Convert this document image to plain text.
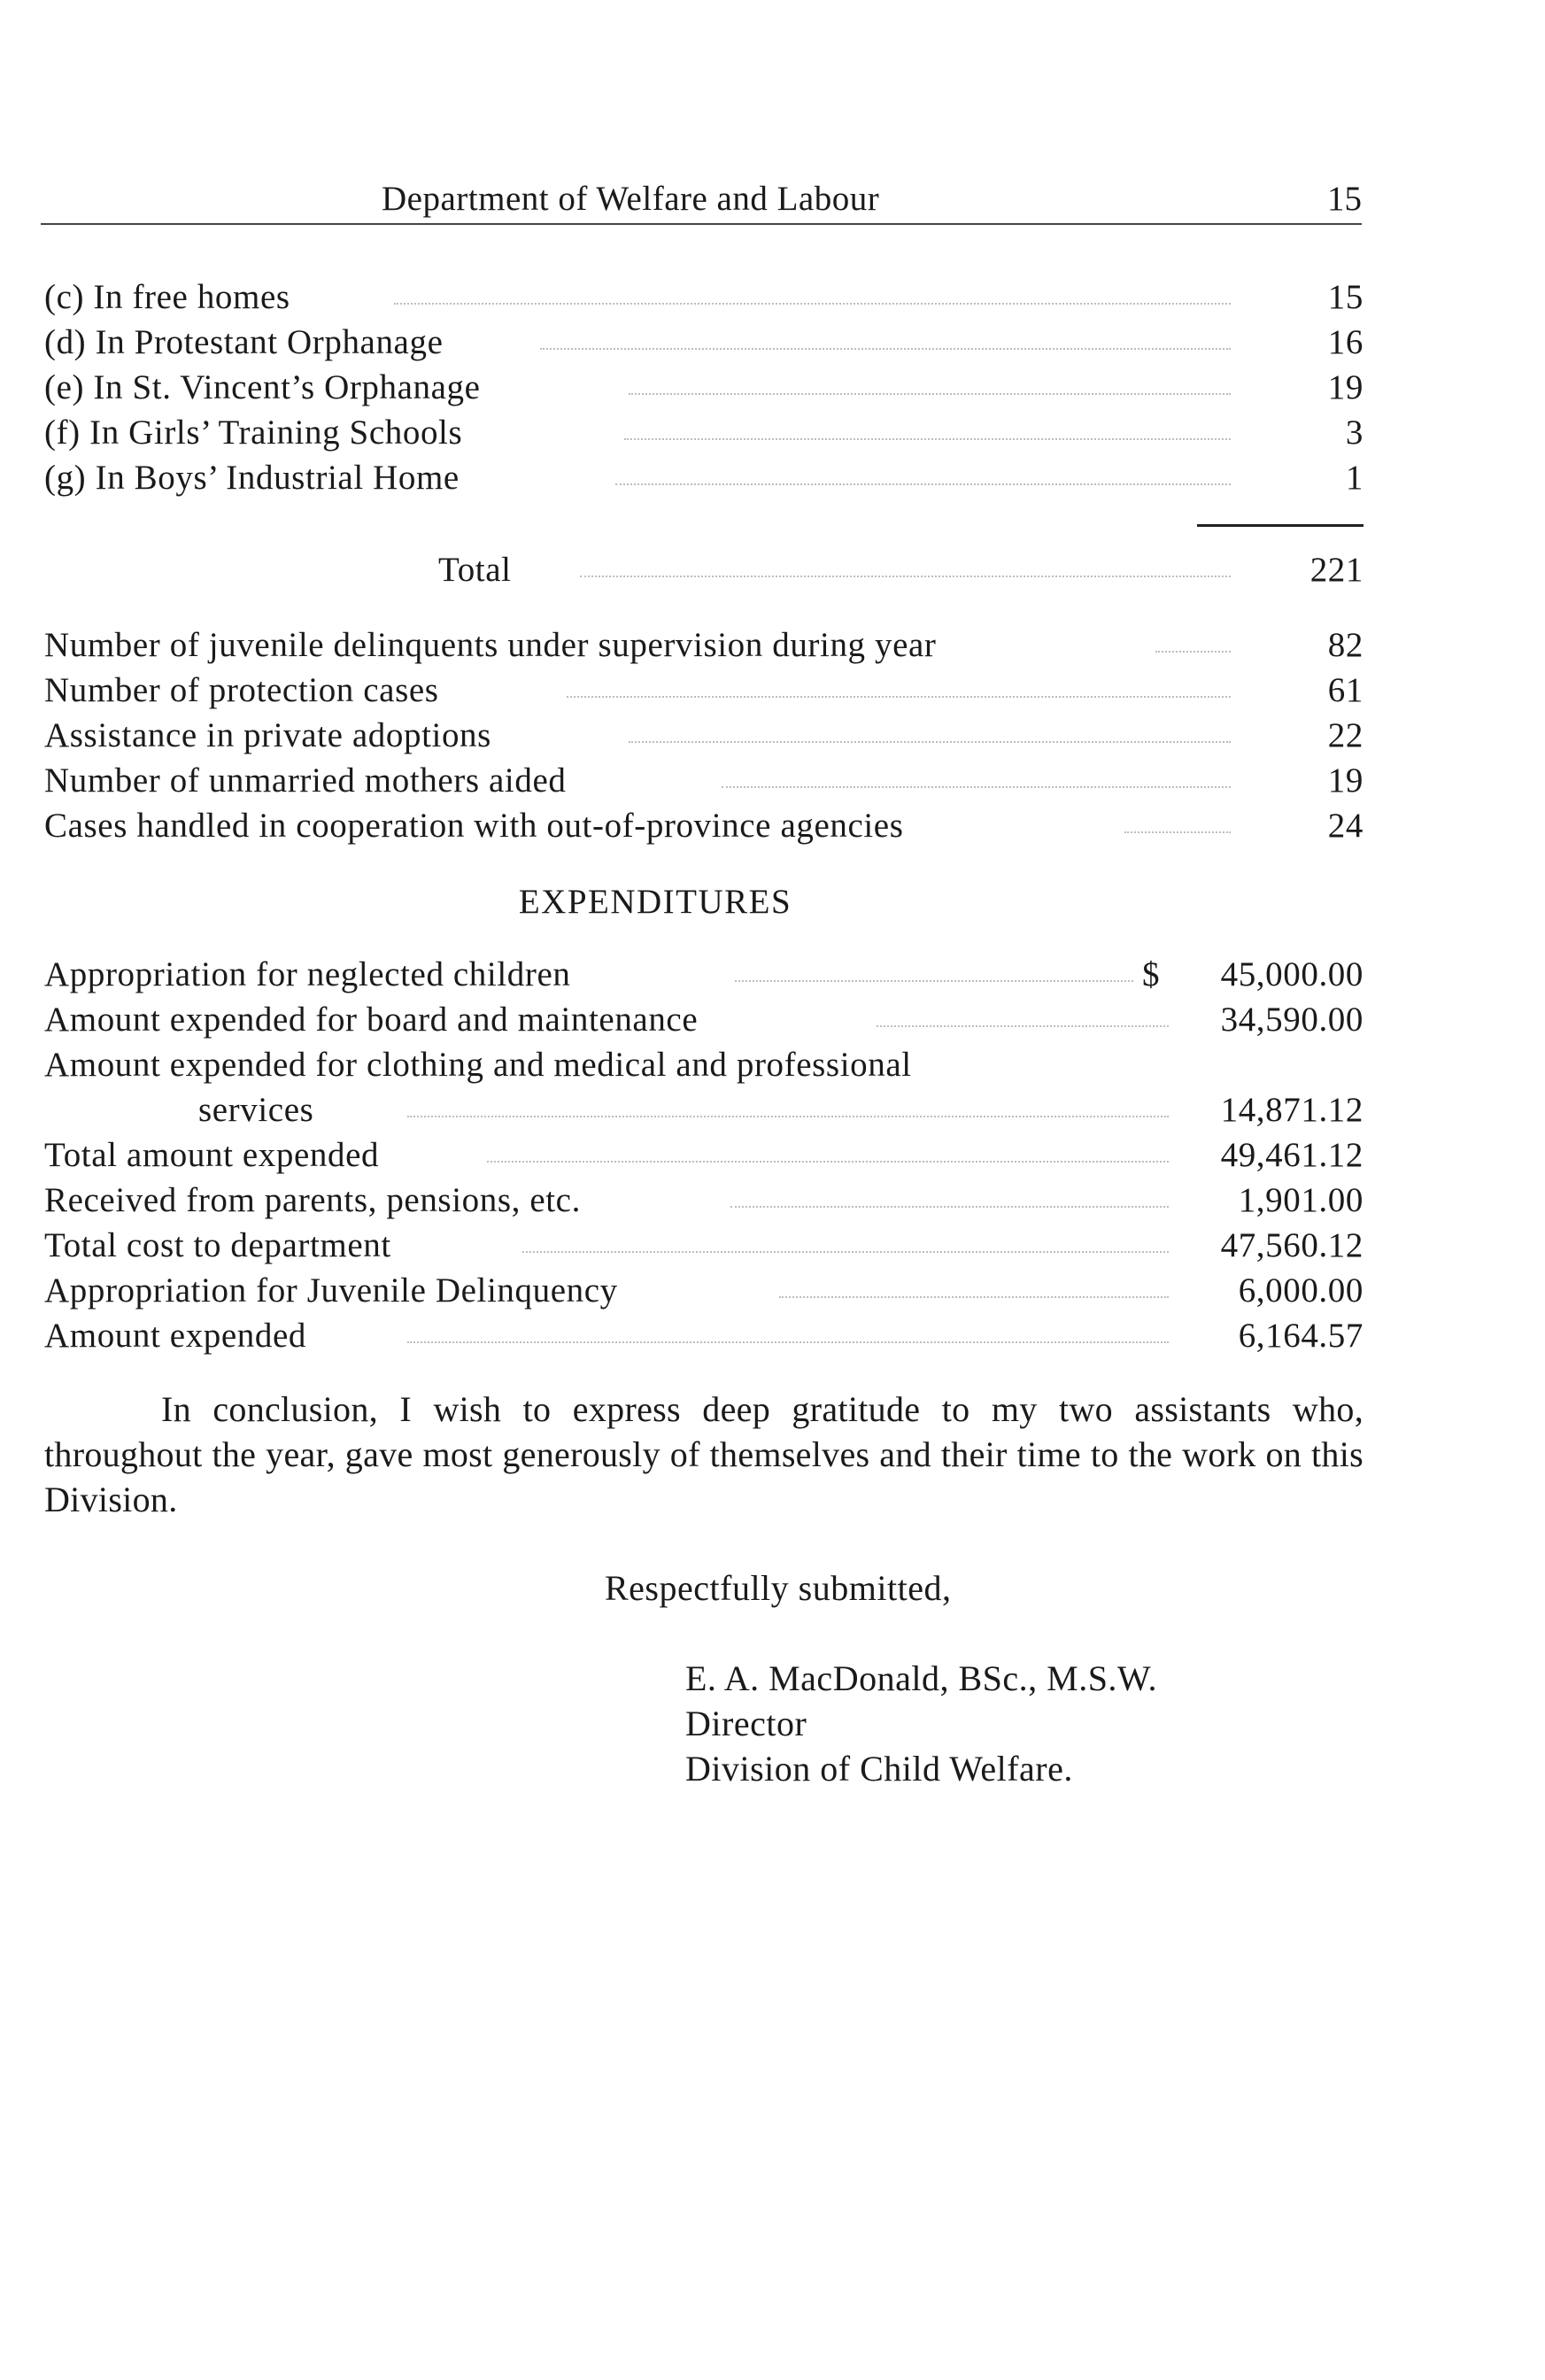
Department of Welfare and Labour	15
(c) In free homes	15
(d) In Protestant Orphanage	16
(e) In St. Vincent’s Orphanage	19
(f) In Girls’ Training Schools	3
(g) In Boys’ Industrial Home	1
Total	221
Number of juvenile delinquents under supervision during year	82
Number of protection cases	61
Assistance in private adoptions	22
Number of unmarried mothers aided	19
Cases handled in cooperation with out-of-province agencies	24
EXPENDITURES
Appropriation for neglected children	$ 45,000.00
Amount expended for board and maintenance	34,590.00
Amount expended for clothing and medical and professional
services	14,871.12
Total amount expended	49,461.12
Received from parents, pensions, etc.	1,901.00
Total cost to department	47,560.12
Appropriation for Juvenile Delinquency	6,000.00
Amount expended	6,164.57

In conclusion, I wish to express deep gratitude to my two assistants who, throughout the year, gave most generously of themselves and their time to the work on this Division.

Respectfully submitted,
E. A. MacDonald, BSc., M.S.W.
Director
Division of Child Welfare.
